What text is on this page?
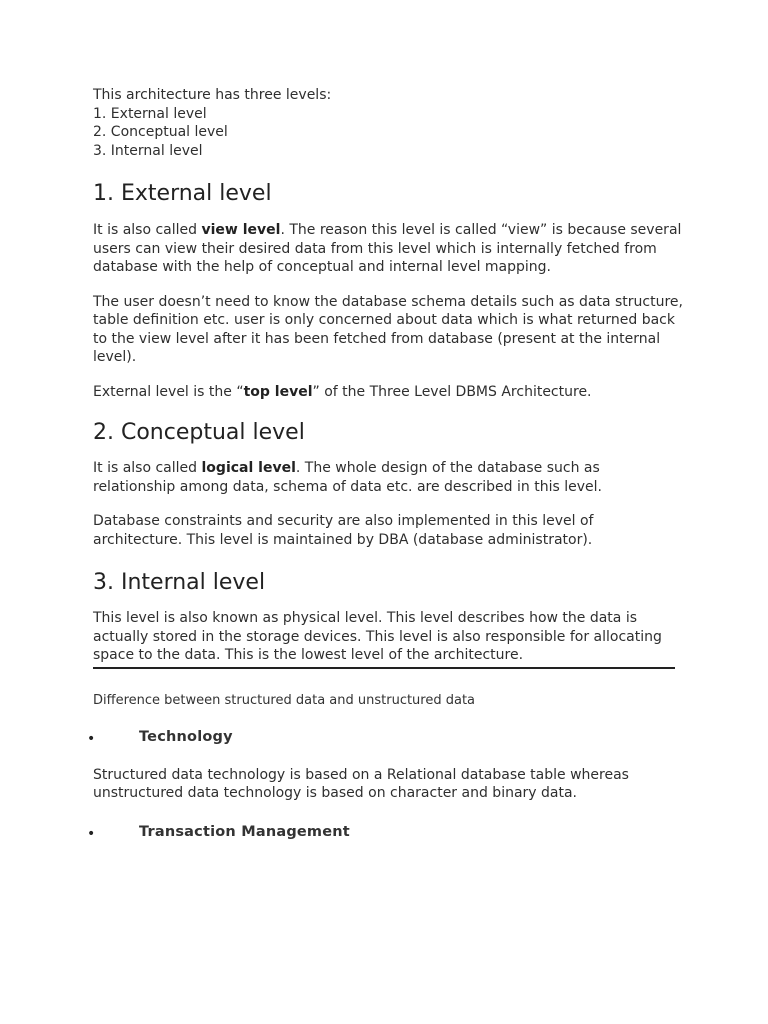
This architecture has three levels:
1. External level
2. Conceptual level
3. Internal level
1. External level

It is also called view level. The reason this level is called “view” is because several users can view their desired data from this level which is internally fetched from database with the help of conceptual and internal level mapping.

The user doesn’t need to know the database schema details such as data structure, table definition etc. user is only concerned about data which is what returned back to the view level after it has been fetched from database (present at the internal level).

External level is the “top level” of the Three Level DBMS Architecture.

2. Conceptual level

It is also called logical level. The whole design of the database such as relationship among data, schema of data etc. are described in this level.

Database constraints and security are also implemented in this level of architecture. This level is maintained by DBA (database administrator).

3. Internal level

This level is also known as physical level. This level describes how the data is actually stored in the storage devices. This level is also responsible for allocating space to the data. This is the lowest level of the architecture.

Difference between structured data and unstructured data

•	Technology

Structured data technology is based on a Relational database table whereas unstructured data technology is based on character and binary data.

•	Transaction Management
